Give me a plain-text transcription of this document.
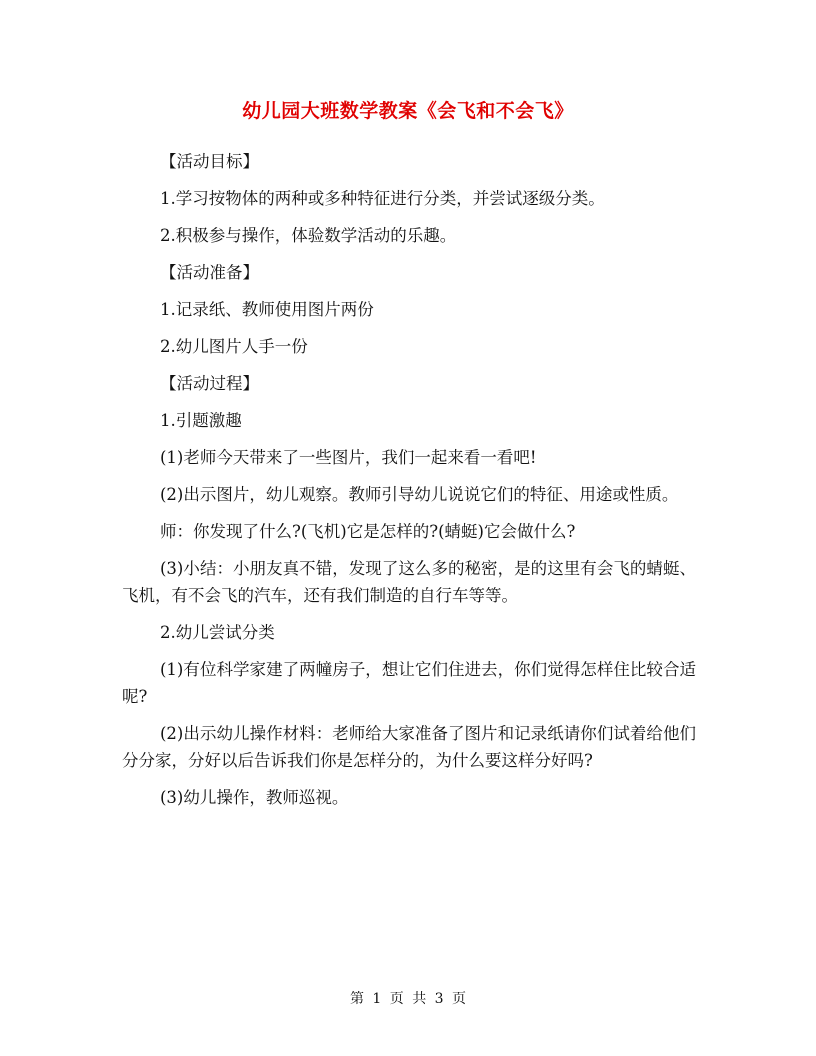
幼儿园大班数学教案《会飞和不会飞》

【活动目标】

1.学习按物体的两种或多种特征进行分类，并尝试逐级分类。

2.积极参与操作，体验数学活动的乐趣。

【活动准备】

1.记录纸、教师使用图片两份

2.幼儿图片人手一份

【活动过程】

1.引题激趣

(1)老师今天带来了一些图片，我们一起来看一看吧!

(2)出示图片，幼儿观察。教师引导幼儿说说它们的特征、用途或性质。

师：你发现了什么?(飞机)它是怎样的?(蜻蜓)它会做什么?

(3)小结：小朋友真不错，发现了这么多的秘密，是的这里有会飞的蜻蜓、飞机，有不会飞的汽车，还有我们制造的自行车等等。

2.幼儿尝试分类

(1)有位科学家建了两幢房子，想让它们住进去，你们觉得怎样住比较合适呢?

(2)出示幼儿操作材料：老师给大家准备了图片和记录纸请你们试着给他们分分家，分好以后告诉我们你是怎样分的，为什么要这样分好吗?

(3)幼儿操作，教师巡视。

第 1 页 共 3 页
